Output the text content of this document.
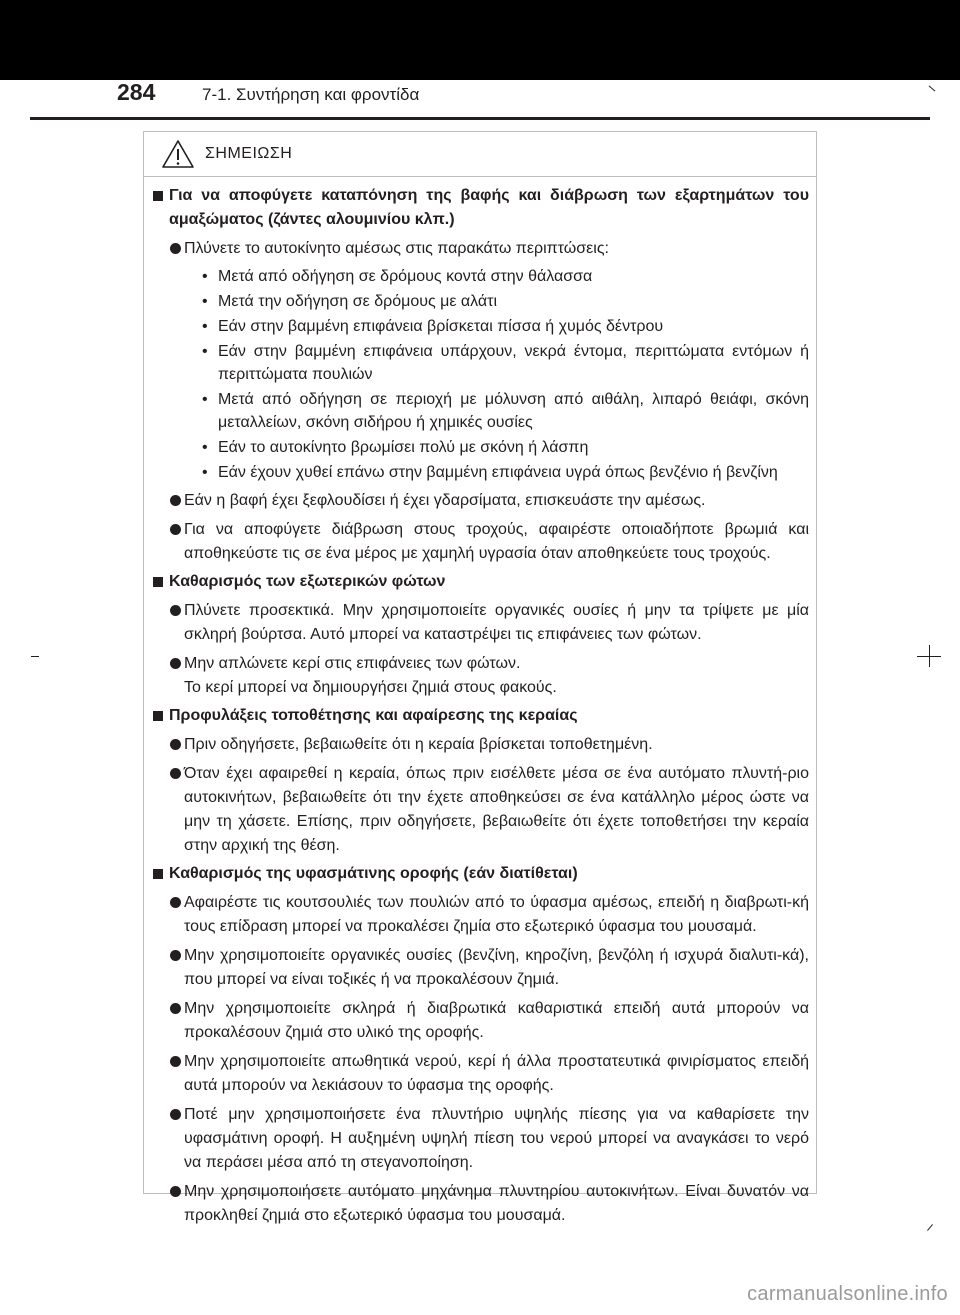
284	7-1. Συντήρηση και φροντίδα
ΣΗΜΕΙΩΣΗ
Για να αποφύγετε καταπόνηση της βαφής και διάβρωση των εξαρτημάτων του αμαξώματος (ζάντες αλουμινίου κλπ.)
Πλύνετε το αυτοκίνητο αμέσως στις παρακάτω περιπτώσεις:
• Μετά από οδήγηση σε δρόμους κοντά στην θάλασσα
• Μετά την οδήγηση σε δρόμους με αλάτι
• Εάν στην βαμμένη επιφάνεια βρίσκεται πίσσα ή χυμός δέντρου
• Εάν στην βαμμένη επιφάνεια υπάρχουν, νεκρά έντομα, περιττώματα εντόμων ή περιττώματα πουλιών
• Μετά από οδήγηση σε περιοχή με μόλυνση από αιθάλη, λιπαρό θειάφι, σκόνη μεταλλείων, σκόνη σιδήρου ή χημικές ουσίες
• Εάν το αυτοκίνητο βρωμίσει πολύ με σκόνη ή λάσπη
• Εάν έχουν χυθεί επάνω στην βαμμένη επιφάνεια υγρά όπως βενζένιο ή βενζίνη
Εάν η βαφή έχει ξεφλουδίσει ή έχει γδαρσίματα, επισκευάστε την αμέσως.
Για να αποφύγετε διάβρωση στους τροχούς, αφαιρέστε οποιαδήποτε βρωμιά και αποθηκεύστε τις σε ένα μέρος με χαμηλή υγρασία όταν αποθηκεύετε τους τροχούς.
Καθαρισμός των εξωτερικών φώτων
Πλύνετε προσεκτικά. Μην χρησιμοποιείτε οργανικές ουσίες ή μην τα τρίψετε με μία σκληρή βούρτσα. Αυτό μπορεί να καταστρέψει τις επιφάνειες των φώτων.
Μην απλώνετε κερί στις επιφάνειες των φώτων.
Το κερί μπορεί να δημιουργήσει ζημιά στους φακούς.
Προφυλάξεις τοποθέτησης και αφαίρεσης της κεραίας
Πριν οδηγήσετε, βεβαιωθείτε ότι η κεραία βρίσκεται τοποθετημένη.
Όταν έχει αφαιρεθεί η κεραία, όπως πριν εισέλθετε μέσα σε ένα αυτόματο πλυντή-ριο αυτοκινήτων, βεβαιωθείτε ότι την έχετε αποθηκεύσει σε ένα κατάλληλο μέρος ώστε να μην τη χάσετε. Επίσης, πριν οδηγήσετε, βεβαιωθείτε ότι έχετε τοποθετήσει την κεραία στην αρχική της θέση.
Καθαρισμός της υφασμάτινης οροφής (εάν διατίθεται)
Αφαιρέστε τις κουτσουλιές των πουλιών από το ύφασμα αμέσως, επειδή η διαβρωτι-κή τους επίδραση μπορεί να προκαλέσει ζημία στο εξωτερικό ύφασμα του μουσαμά.
Μην χρησιμοποιείτε οργανικές ουσίες (βενζίνη, κηροζίνη, βενζόλη ή ισχυρά διαλυτι-κά), που μπορεί να είναι τοξικές ή να προκαλέσουν ζημιά.
Μην χρησιμοποιείτε σκληρά ή διαβρωτικά καθαριστικά επειδή αυτά μπορούν να προκαλέσουν ζημιά στο υλικό της οροφής.
Μην χρησιμοποιείτε απωθητικά νερού, κερί ή άλλα προστατευτικά φινιρίσματος επειδή αυτά μπορούν να λεκιάσουν το ύφασμα της οροφής.
Ποτέ μην χρησιμοποιήσετε ένα πλυντήριο υψηλής πίεσης για να καθαρίσετε την υφασμάτινη οροφή. Η αυξημένη υψηλή πίεση του νερού μπορεί να αναγκάσει το νερό να περάσει μέσα από τη στεγανοποίηση.
Μην χρησιμοποιήσετε αυτόματο μηχάνημα πλυντηρίου αυτοκινήτων. Είναι δυνατόν να προκληθεί ζημιά στο εξωτερικό ύφασμα του μουσαμά.
carmanualsonline.info
